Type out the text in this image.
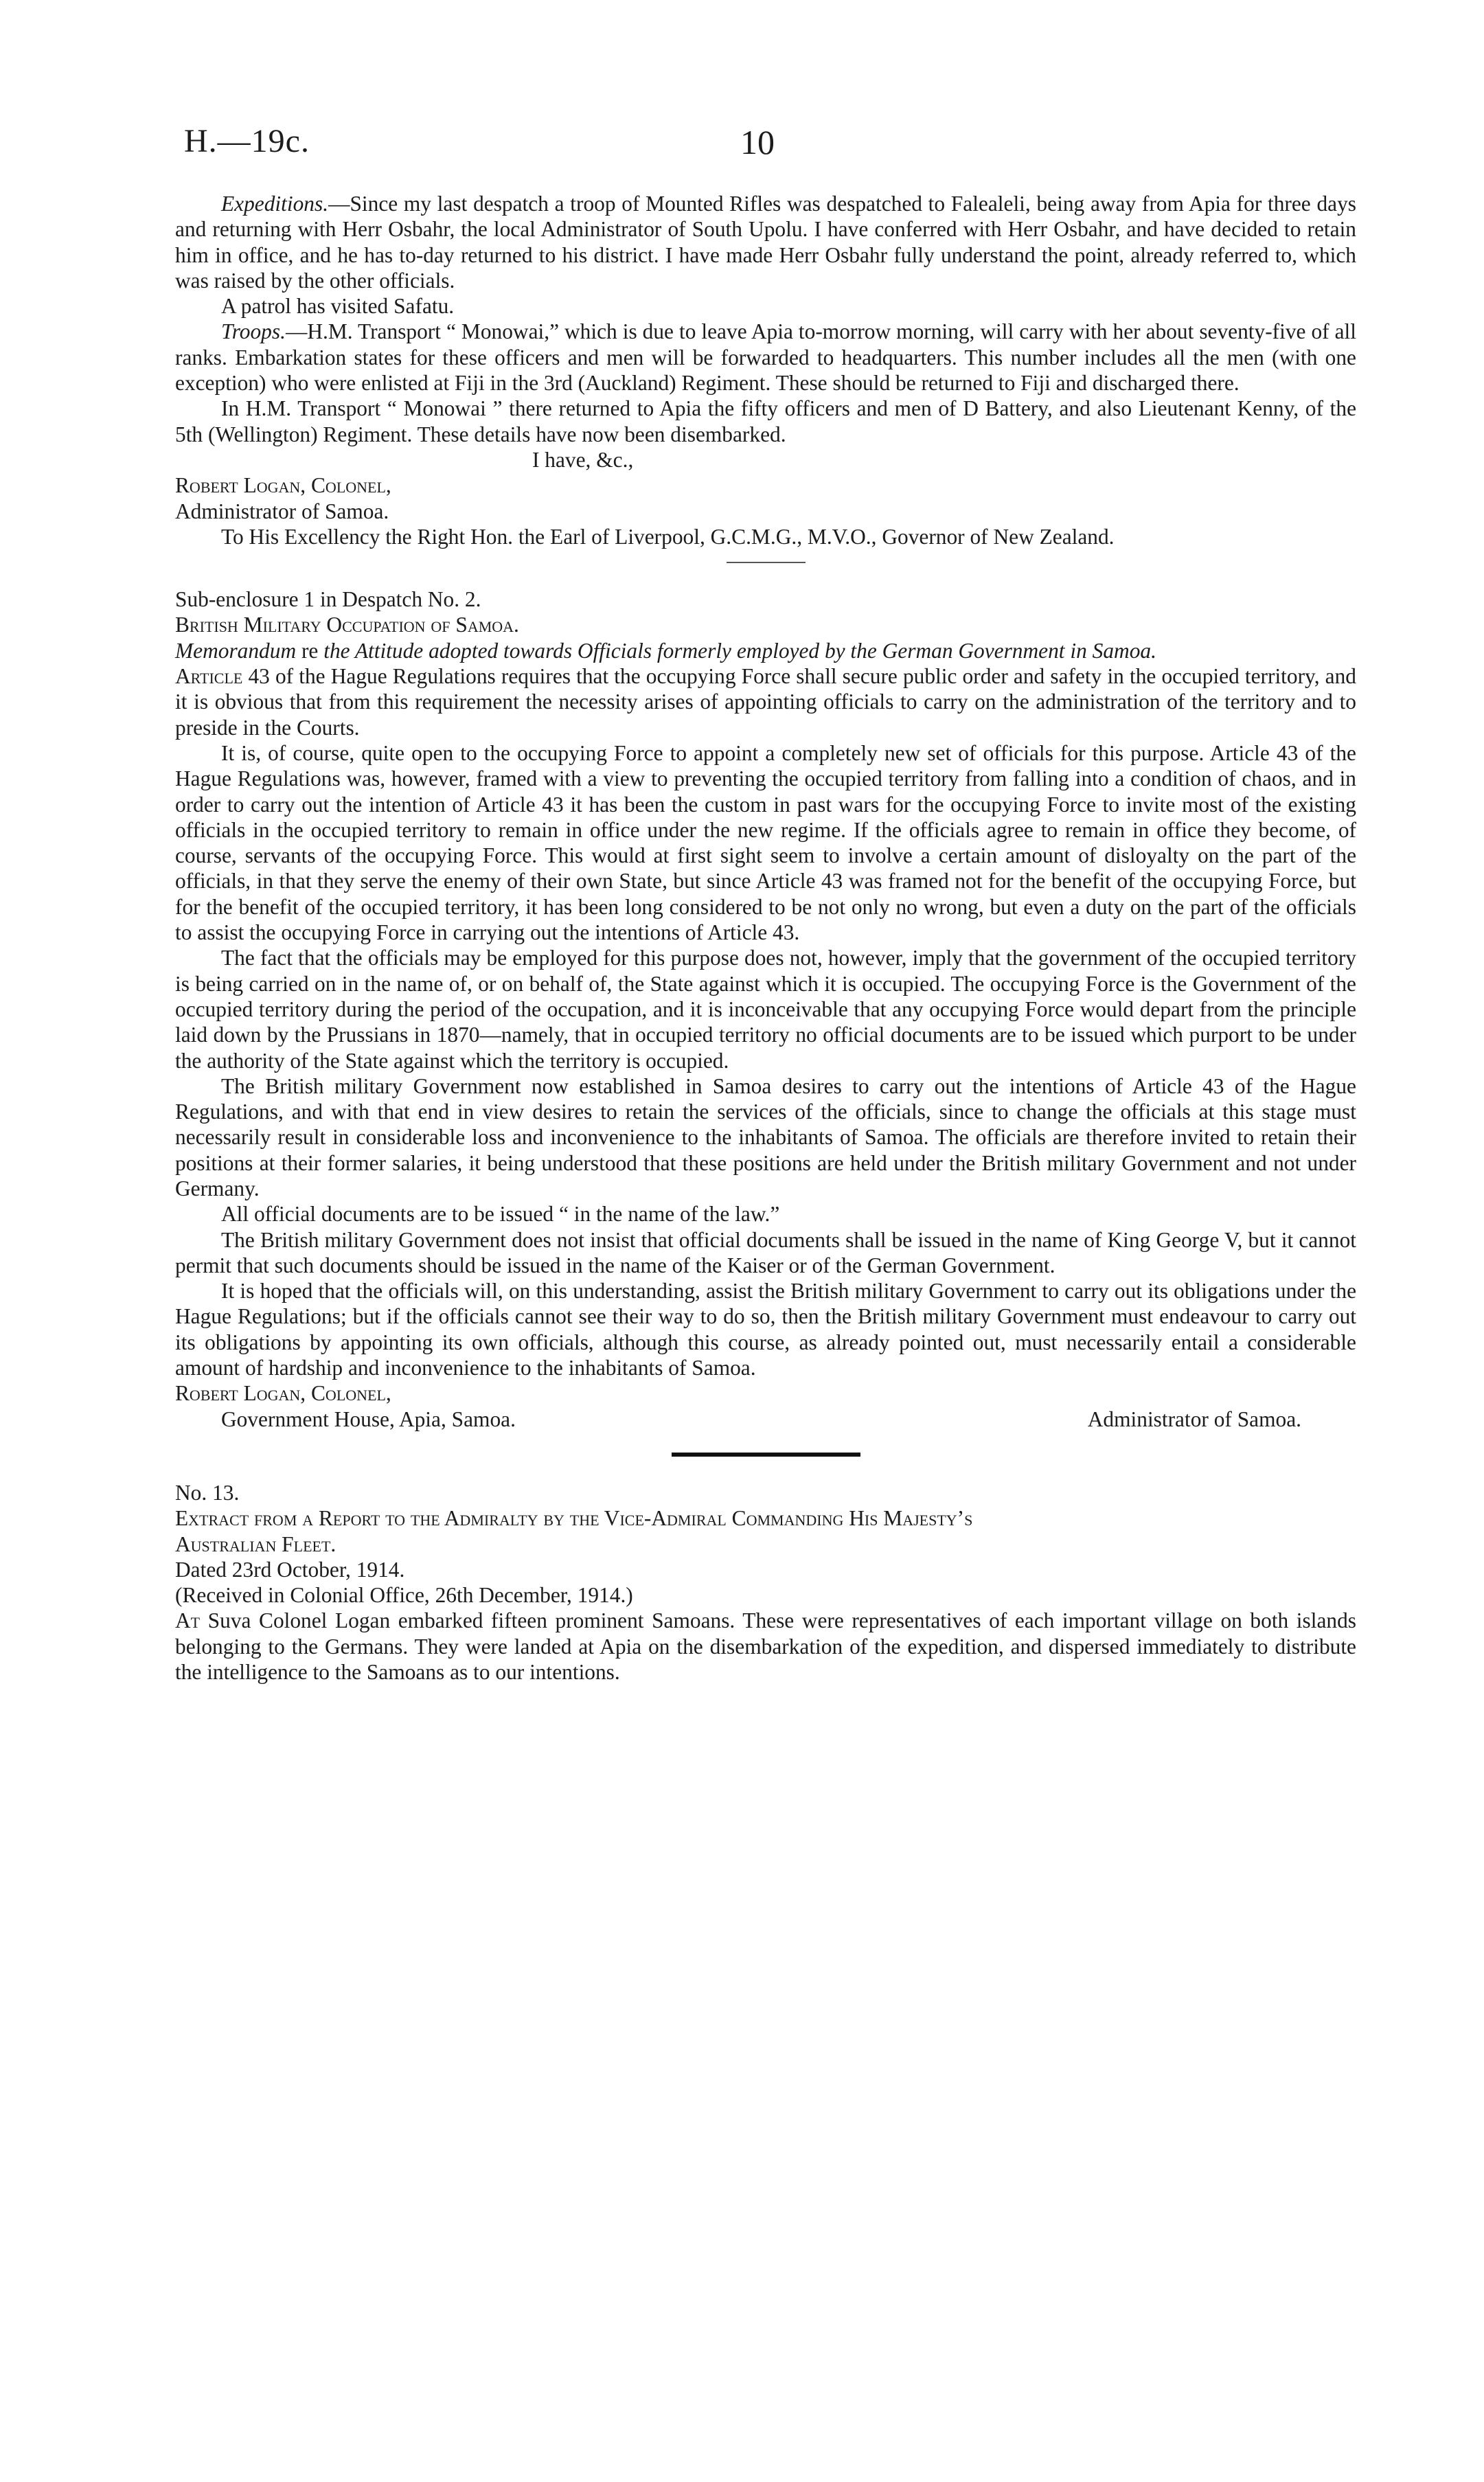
H.—19c.	10

Expeditions.—Since my last despatch a troop of Mounted Rifles was despatched to Falealeli, being away from Apia for three days and returning with Herr Osbahr, the local Administrator of South Upolu. I have conferred with Herr Osbahr, and have decided to retain him in office, and he has to-day returned to his district. I have made Herr Osbahr fully understand the point, already referred to, which was raised by the other officials.

A patrol has visited Safatu.

Troops.—H.M. Transport “ Monowai,” which is due to leave Apia to-morrow morning, will carry with her about seventy-five of all ranks. Embarkation states for these officers and men will be forwarded to headquarters. This number includes all the men (with one exception) who were enlisted at Fiji in the 3rd (Auckland) Regiment. These should be returned to Fiji and discharged there.

In H.M. Transport “ Monowai ” there returned to Apia the fifty officers and men of D Battery, and also Lieutenant Kenny, of the 5th (Wellington) Regiment. These details have now been disembarked.

I have, &c.,

Robert Logan, Colonel,

Administrator of Samoa.

To His Excellency the Right Hon. the Earl of Liverpool, G.C.M.G., M.V.O., Governor of New Zealand.

Sub-enclosure 1 in Despatch No. 2.

British Military Occupation of Samoa.

Memorandum re the Attitude adopted towards Officials formerly employed by the German Government in Samoa.

Article 43 of the Hague Regulations requires that the occupying Force shall secure public order and safety in the occupied territory, and it is obvious that from this requirement the necessity arises of appointing officials to carry on the administration of the territory and to preside in the Courts.

It is, of course, quite open to the occupying Force to appoint a completely new set of officials for this purpose. Article 43 of the Hague Regulations was, however, framed with a view to preventing the occupied territory from falling into a condition of chaos, and in order to carry out the intention of Article 43 it has been the custom in past wars for the occupying Force to invite most of the existing officials in the occupied territory to remain in office under the new regime. If the officials agree to remain in office they become, of course, servants of the occupying Force. This would at first sight seem to involve a certain amount of disloyalty on the part of the officials, in that they serve the enemy of their own State, but since Article 43 was framed not for the benefit of the occupying Force, but for the benefit of the occupied territory, it has been long considered to be not only no wrong, but even a duty on the part of the officials to assist the occupying Force in carrying out the intentions of Article 43.

The fact that the officials may be employed for this purpose does not, however, imply that the government of the occupied territory is being carried on in the name of, or on behalf of, the State against which it is occupied. The occupying Force is the Government of the occupied territory during the period of the occupation, and it is inconceivable that any occupying Force would depart from the principle laid down by the Prussians in 1870—namely, that in occupied territory no official documents are to be issued which purport to be under the authority of the State against which the territory is occupied.

The British military Government now established in Samoa desires to carry out the intentions of Article 43 of the Hague Regulations, and with that end in view desires to retain the services of the officials, since to change the officials at this stage must necessarily result in considerable loss and inconvenience to the inhabitants of Samoa. The officials are therefore invited to retain their positions at their former salaries, it being understood that these positions are held under the British military Government and not under Germany.

All official documents are to be issued “ in the name of the law.”

The British military Government does not insist that official documents shall be issued in the name of King George V, but it cannot permit that such documents should be issued in the name of the Kaiser or of the German Government.

It is hoped that the officials will, on this understanding, assist the British military Government to carry out its obligations under the Hague Regulations; but if the officials cannot see their way to do so, then the British military Government must endeavour to carry out its obligations by appointing its own officials, although this course, as already pointed out, must necessarily entail a considerable amount of hardship and inconvenience to the inhabitants of Samoa.

Robert Logan, Colonel,

Government House, Apia, Samoa.	Administrator of Samoa.

No. 13.

Extract from a Report to the Admiralty by the Vice-Admiral Commanding His Majesty’s

Australian Fleet.

Dated 23rd October, 1914.

(Received in Colonial Office, 26th December, 1914.)

At Suva Colonel Logan embarked fifteen prominent Samoans. These were representatives of each important village on both islands belonging to the Germans. They were landed at Apia on the disembarkation of the expedition, and dispersed immediately to distribute the intelligence to the Samoans as to our intentions.
